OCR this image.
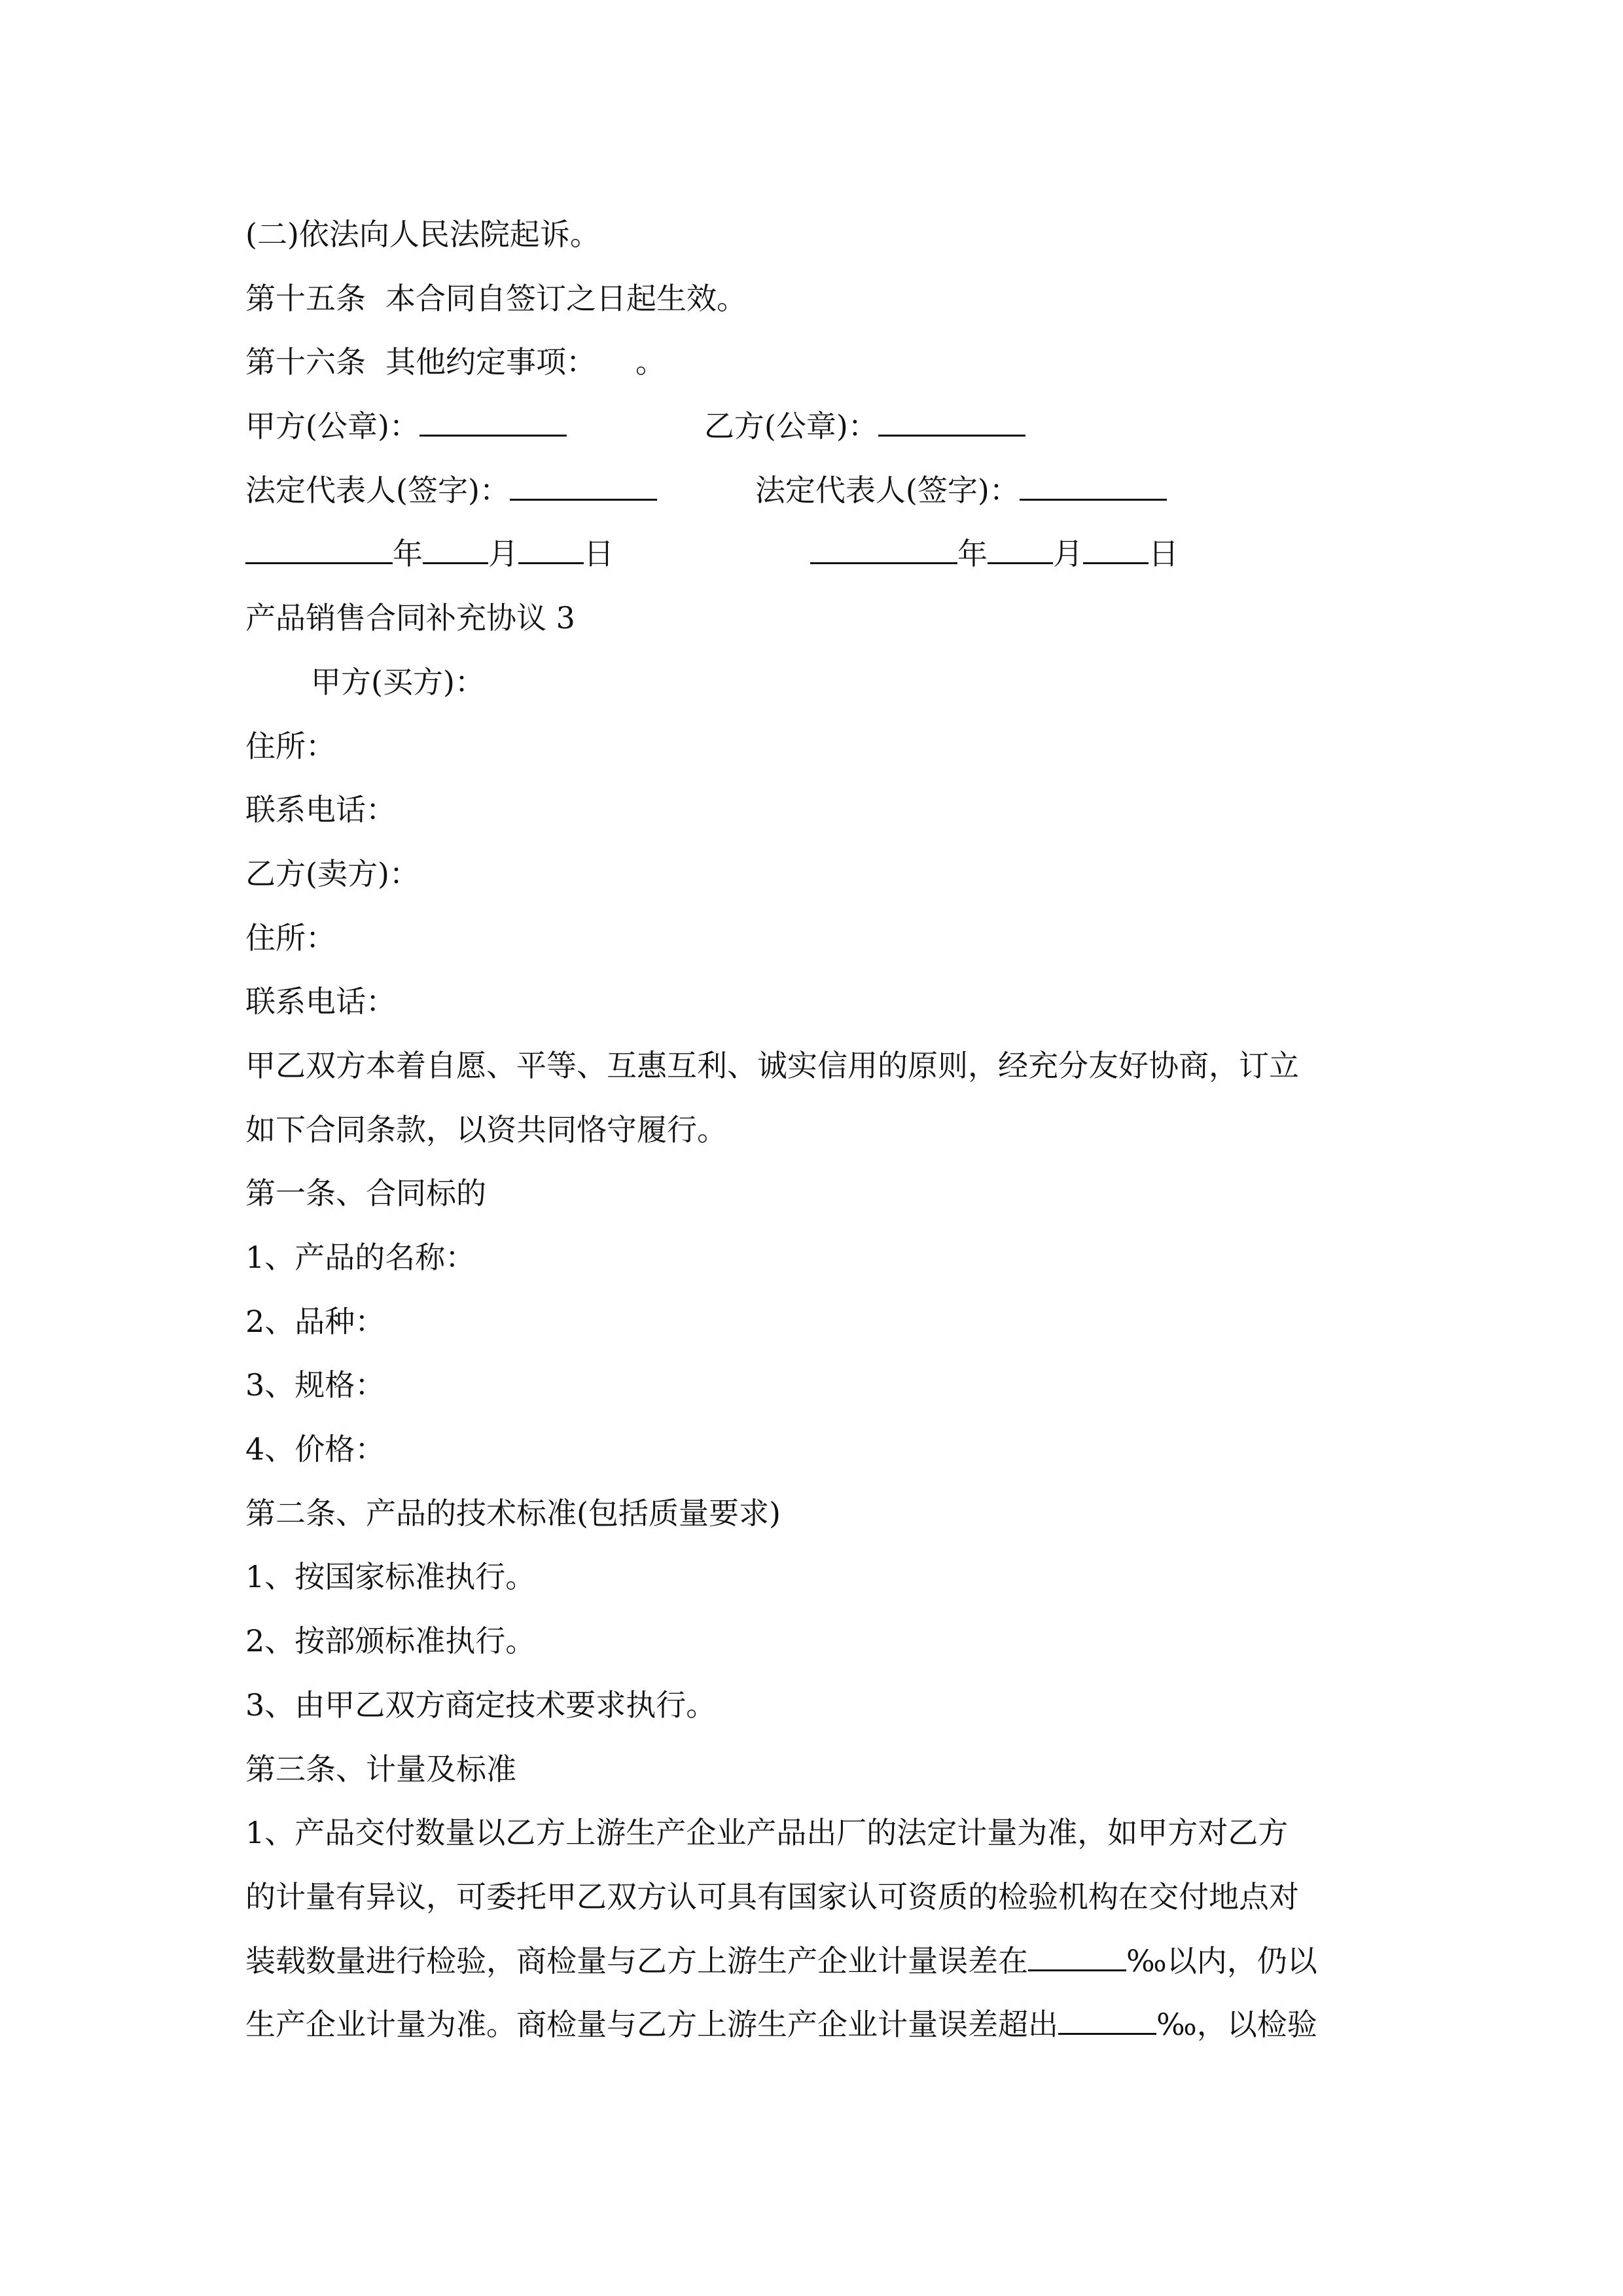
(二)依法向人民法院起诉。
第十五条 本合同自签订之日起生效。
第十六条 其他约定事项： 。
甲方(公章)：	乙方(公章)：
法定代表人(签字)：	法定代表人(签字)：
年 月 日	年 月 日
产品销售合同补充协议 3
甲方(买方)：
住所：
联系电话：
乙方(卖方)：
住所：
联系电话：
甲乙双方本着自愿、平等、互惠互利、诚实信用的原则，经充分友好协商，订立
如下合同条款，以资共同恪守履行。
第一条、合同标的
1、产品的名称：
2、品种：
3、规格：
4、价格：
第二条、产品的技术标准(包括质量要求)
1、按国家标准执行。
2、按部颁标准执行。
3、由甲乙双方商定技术要求执行。
第三条、计量及标准
1、产品交付数量以乙方上游生产企业产品出厂的法定计量为准，如甲方对乙方
的计量有异议，可委托甲乙双方认可具有国家认可资质的检验机构在交付地点对
装载数量进行检验，商检量与乙方上游生产企业计量误差在	‰以内，仍以
生产企业计量为准。商检量与乙方上游生产企业计量误差超出	‰，以检验
